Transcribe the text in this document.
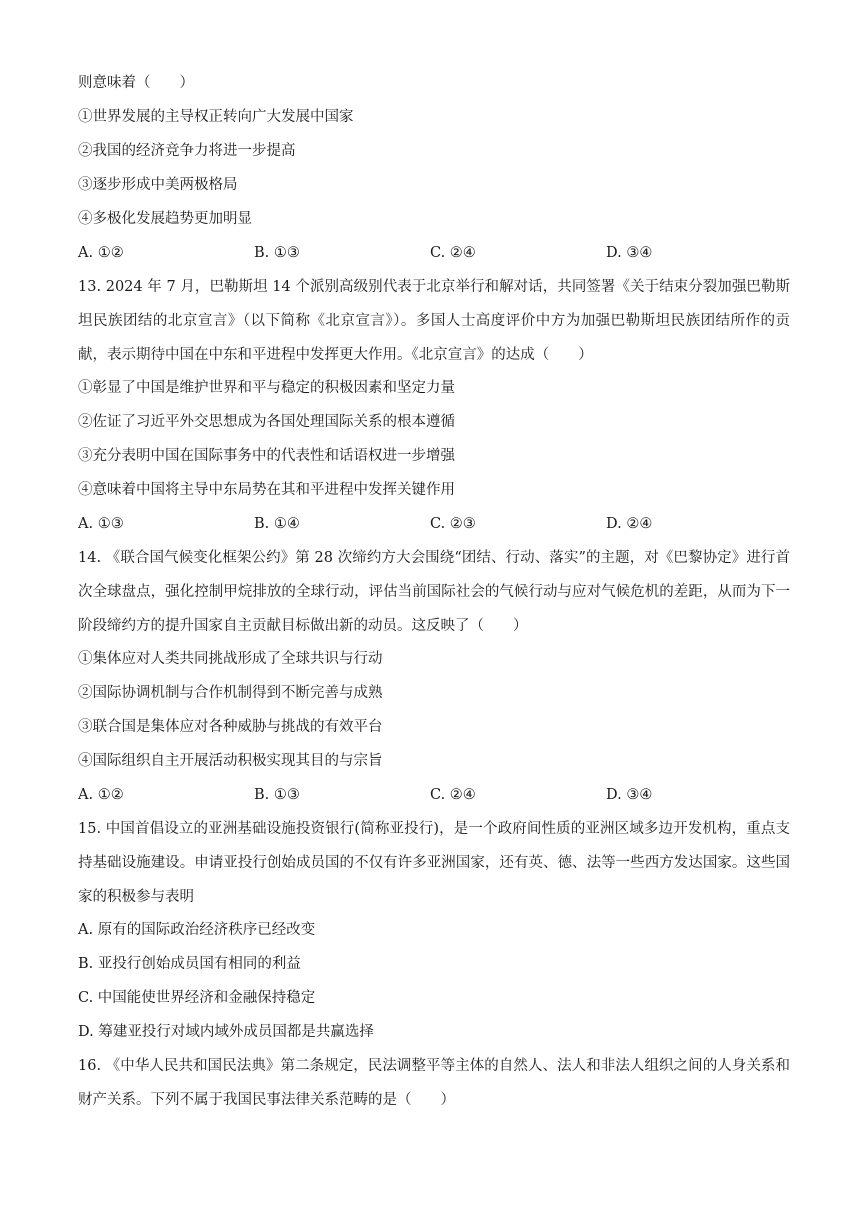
则意味着（　　）
①世界发展的主导权正转向广大发展中国家
②我国的经济竞争力将进一步提高
③逐步形成中美两极格局
④多极化发展趋势更加明显
A. ①②	B. ①③	C. ②④	D. ③④
13. 2024 年 7 月，巴勒斯坦 14 个派别高级别代表于北京举行和解对话，共同签署《关于结束分裂加强巴勒斯坦民族团结的北京宣言》（以下简称《北京宣言》）。多国人士高度评价中方为加强巴勒斯坦民族团结所作的贡献，表示期待中国在中东和平进程中发挥更大作用。《北京宣言》的达成（　　）
①彰显了中国是维护世界和平与稳定的积极因素和坚定力量
②佐证了习近平外交思想成为各国处理国际关系的根本遵循
③充分表明中国在国际事务中的代表性和话语权进一步增强
④意味着中国将主导中东局势在其和平进程中发挥关键作用
A. ①③	B. ①④	C. ②③	D. ②④
14. 《联合国气候变化框架公约》第 28 次缔约方大会围绕“团结、行动、落实”的主题，对《巴黎协定》进行首次全球盘点，强化控制甲烷排放的全球行动，评估当前国际社会的气候行动与应对气候危机的差距，从而为下一阶段缔约方的提升国家自主贡献目标做出新的动员。这反映了（　　）
①集体应对人类共同挑战形成了全球共识与行动
②国际协调机制与合作机制得到不断完善与成熟
③联合国是集体应对各种威胁与挑战的有效平台
④国际组织自主开展活动积极实现其目的与宗旨
A. ①②	B. ①③	C. ②④	D. ③④
15. 中国首倡设立的亚洲基础设施投资银行(简称亚投行)，是一个政府间性质的亚洲区域多边开发机构，重点支持基础设施建设。申请亚投行创始成员国的不仅有许多亚洲国家，还有英、德、法等一些西方发达国家。这些国家的积极参与表明
A. 原有的国际政治经济秩序已经改变
B. 亚投行创始成员国有相同的利益
C. 中国能使世界经济和金融保持稳定
D. 筹建亚投行对域内域外成员国都是共赢选择
16. 《中华人民共和国民法典》第二条规定，民法调整平等主体的自然人、法人和非法人组织之间的人身关系和财产关系。下列不属于我国民事法律关系范畴的是（　　）
